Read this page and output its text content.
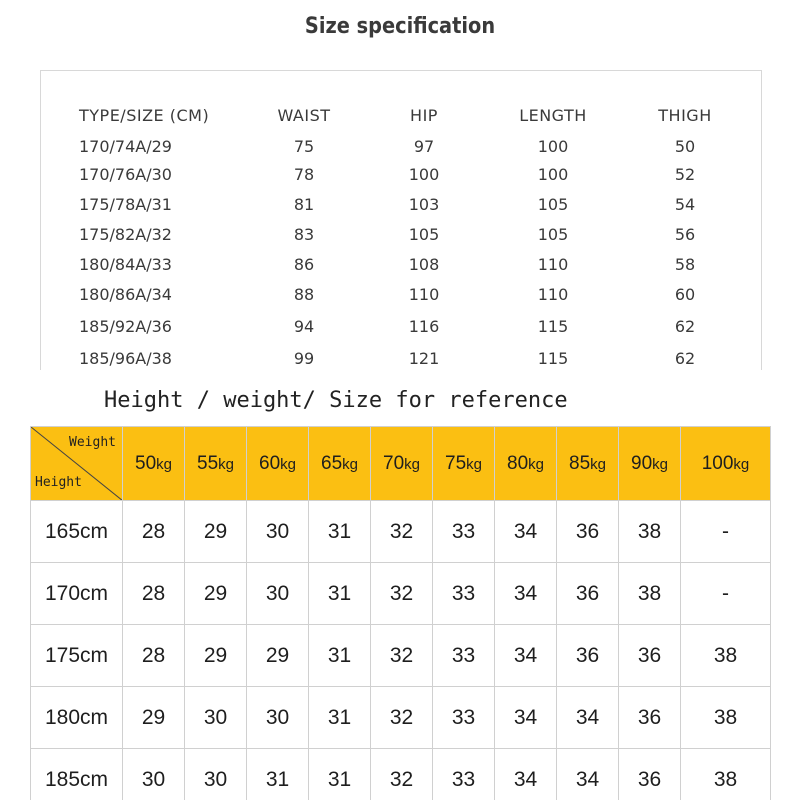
Size specification
TYPE/SIZE (CM)	WAIST	HIP	LENGTH	THIGH
170/74A/29	75	97	100	50
170/76A/30	78	100	100	52
175/78A/31	81	103	105	54
175/82A/32	83	105	105	56
180/84A/33	86	108	110	58
180/86A/34	88	110	110	60
185/92A/36	94	116	115	62
185/96A/38	99	121	115	62
Height / weight/ Size for reference
Weight
Height	50kg	55kg	60kg	65kg	70kg	75kg	80kg	85kg	90kg	100kg
165cm	28	29	30	31	32	33	34	36	38	-
170cm	28	29	30	31	32	33	34	36	38	-
175cm	28	29	29	31	32	33	34	36	36	38
180cm	29	30	30	31	32	33	34	34	36	38
185cm	30	30	31	31	32	33	34	34	36	38
